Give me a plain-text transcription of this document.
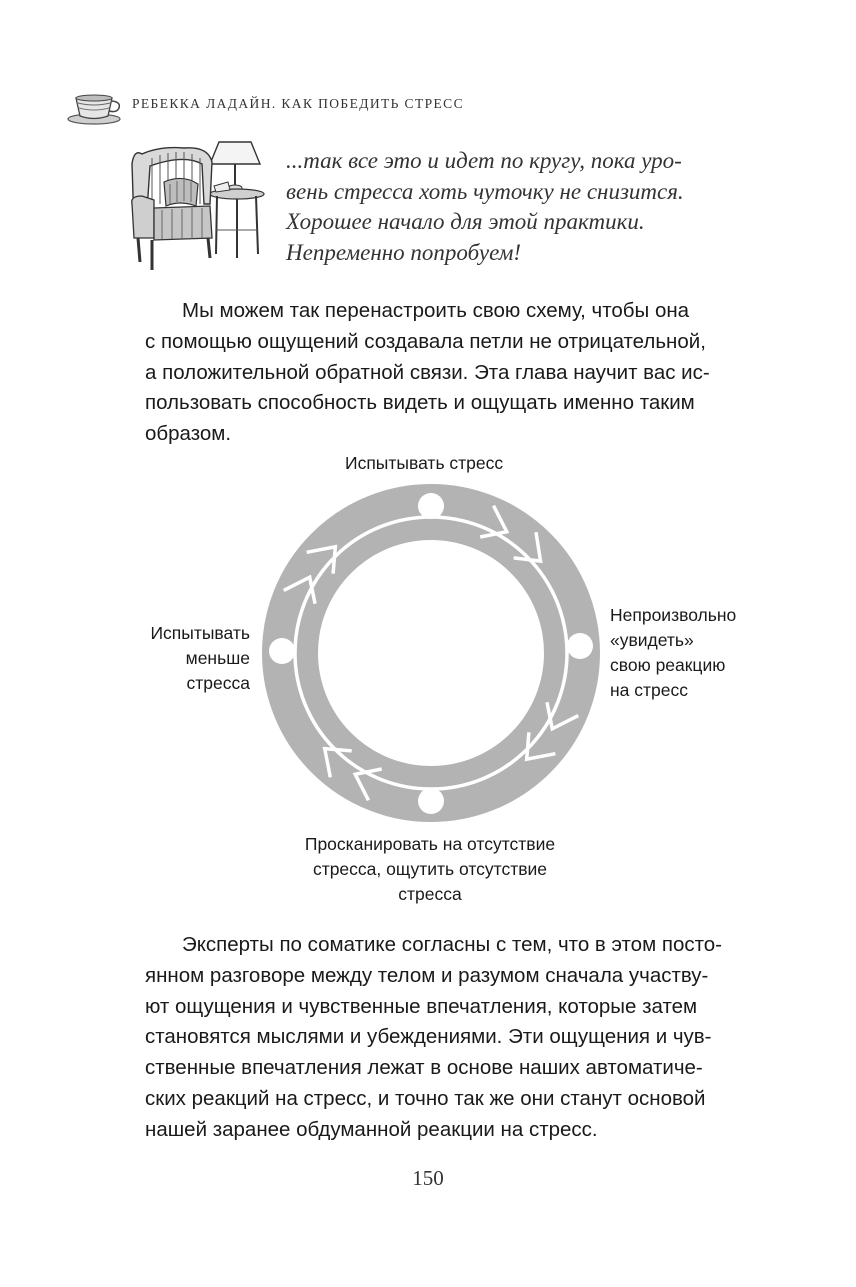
РЕБЕККА ЛАДАЙН. КАК ПОБЕДИТЬ СТРЕСС
...так все это и идет по кругу, пока уро-
вень стресса хоть чуточку не снизится.
Хорошее начало для этой практики.
Непременно попробуем!
Мы можем так перенастроить свою схему, чтобы она
с помощью ощущений создавала петли не отрицательной,
а положительной обратной связи. Эта глава научит вас ис-
пользовать способность видеть и ощущать именно таким
образом.
Испытывать стресс
Непроизвольно
«увидеть»
свою реакцию
на стресс
Испытывать
меньше
стресса
Просканировать на отсутствие
стресса, ощутить отсутствие
стресса
Эксперты по соматике согласны с тем, что в этом посто-
янном разговоре между телом и разумом сначала участву-
ют ощущения и чувственные впечатления, которые затем
становятся мыслями и убеждениями. Эти ощущения и чув-
ственные впечатления лежат в основе наших автоматиче-
ских реакций на стресс, и точно так же они станут основой
нашей заранее обдуманной реакции на стресс.
150
